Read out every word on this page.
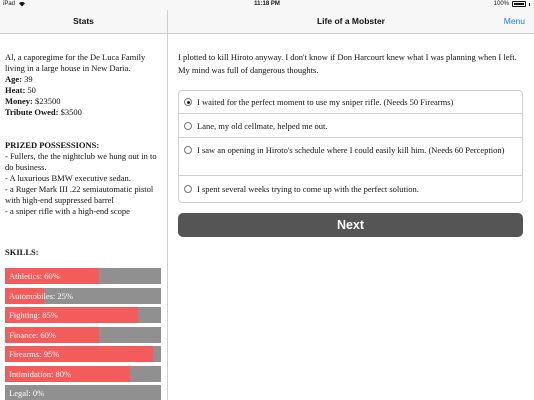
iPad	11:18 PM	100%
Stats	Life of a Mobster	Menu
Al, a caporegime for the De Luca Family living in a large house in New Daria.
Age: 39
Heat: 50
Money: $23500
Tribute Owed: $3500
PRIZED POSSESSIONS:
- Fullers, the the nightclub we hung out in to do business.
- A luxurious BMW executive sedan.
- a Ruger Mark III .22 semiautomatic pistol with high-end suppressed barrel
- a sniper rifle with a high-end scope
SKILLS:
Athletics: 60%
Automobiles: 25%
Fighting: 85%
Finance: 60%
Firearms: 95%
Intimidation: 80%
Legal: 0%
I plotted to kill Hiroto anyway. I don't know if Don Harcourt knew what I was planning when I left. My mind was full of dangerous thoughts.
I waited for the perfect moment to use my sniper rifle. (Needs 50 Firearms)
Lane, my old cellmate, helped me out.
I saw an opening in Hiroto's schedule where I could easily kill him. (Needs 60 Perception)
I spent several weeks trying to come up with the perfect solution.
Next
